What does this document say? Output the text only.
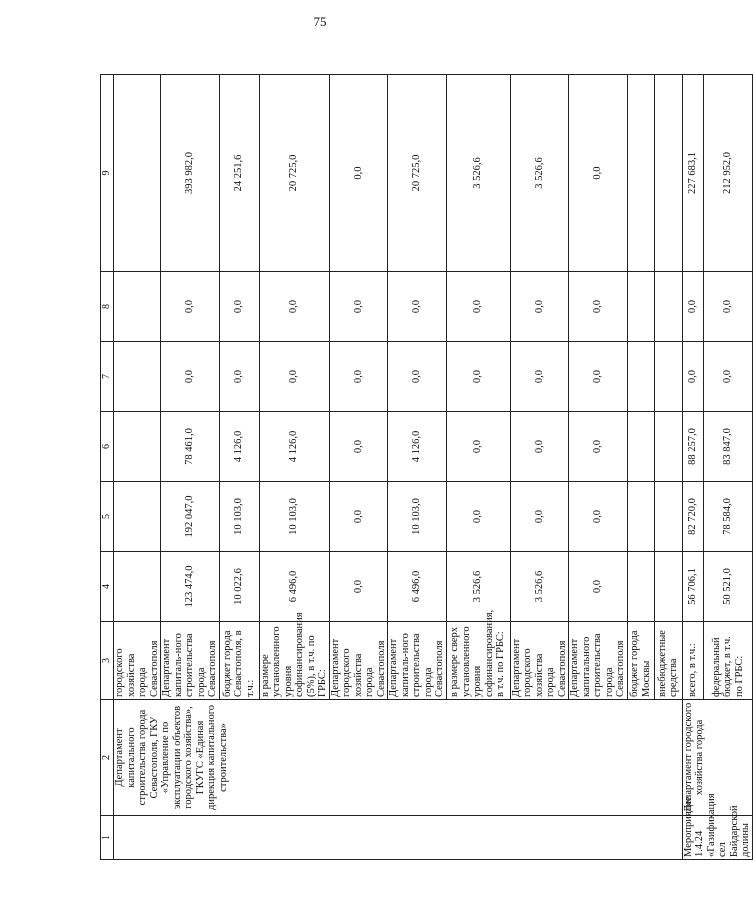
75
1	2	3	4	5	6	7	8	9
	Департамент капитального строительства города Севастополя, ГКУ «Управление по эксплуатации объектов городского хозяйства», ГКУГС «Единая дирекция капитального строительства»	городского хозяйства города Севастополя						
		Департамент капиталь-ного строительства города Севастополя	123 474,0	192 047,0	78 461,0	0,0	0,0	393 982,0
		бюджет города Севастополя, в т.ч.:	10 022,6	10 103,0	4 126,0	0,0	0,0	24 251,6
		в размере установленного уровня софинансирования (5%), в т.ч. по ГРБС:	6 496,0	10 103,0	4 126,0	0,0	0,0	20 725,0
		Департамент городского хозяйства города Севастополя	0,0	0,0	0,0	0,0	0,0	0,0
		Департамент капиталь-ного строительства города Севастополя	6 496,0	10 103,0	4 126,0	0,0	0,0	20 725,0
		в размере сверх установленного уровня софинансирования, в т.ч. по ГРБС:	3 526,6	0,0	0,0	0,0	0,0	3 526,6
		Департамент городского хозяйства города Севастополя	3 526,6	0,0	0,0	0,0	0,0	3 526,6
		Департамент капитального строительства города Севастополя	0,0	0,0	0,0	0,0	0,0	0,0
		бюджет города Москвы						
		внебюджетные средства						
Мероприятие 1.4.24 «Газификация сел Байдарской долины	Департамент городского хозяйства города	всего, в т.ч.:	56 706,1	82 720,0	88 257,0	0,0	0,0	227 683,1
		федеральный бюджет, в т.ч. по ГРБС:	50 521,0	78 584,0	83 847,0	0,0	0,0	212 952,0
